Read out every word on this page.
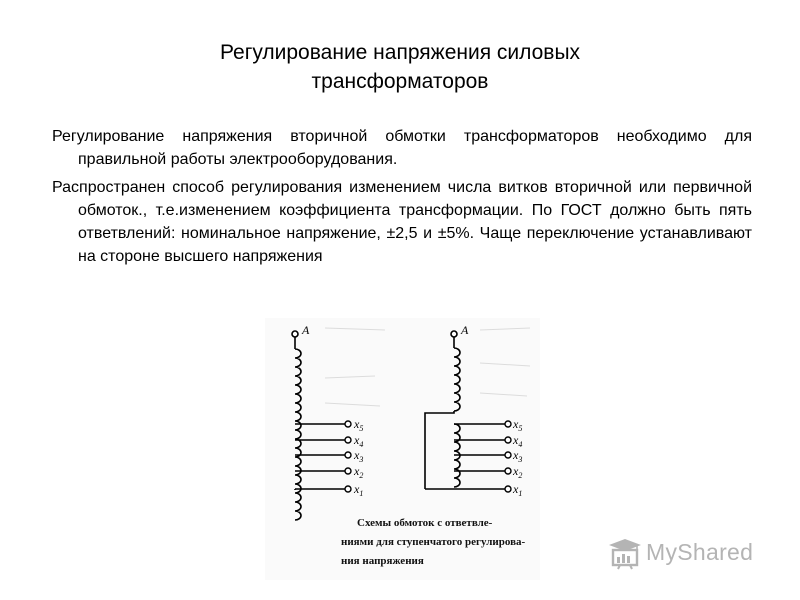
Регулирование напряжения силовых
трансформаторов

Регулирование напряжения вторичной обмотки трансформаторов необходимо для правильной работы электрооборудования.

Распространен способ регулирования изменением числа витков вторичной или первичной обмоток., т.е.изменением коэффициента трансформации. По ГОСТ должно быть пять ответвлений: номинальное напряжение, ±2,5 и ±5%. Чаще переключение устанавливают на стороне высшего напряжения

A
$x_5$
$x_4$
$x_3$
$x_2$
$x_1$
A
$x_5$
$x_4$
$x_3$
$x_2$
$x_1$
Схемы обмоток с ответвле-
ниями для ступенчатого регулирова-
ния напряжения	MyShared
